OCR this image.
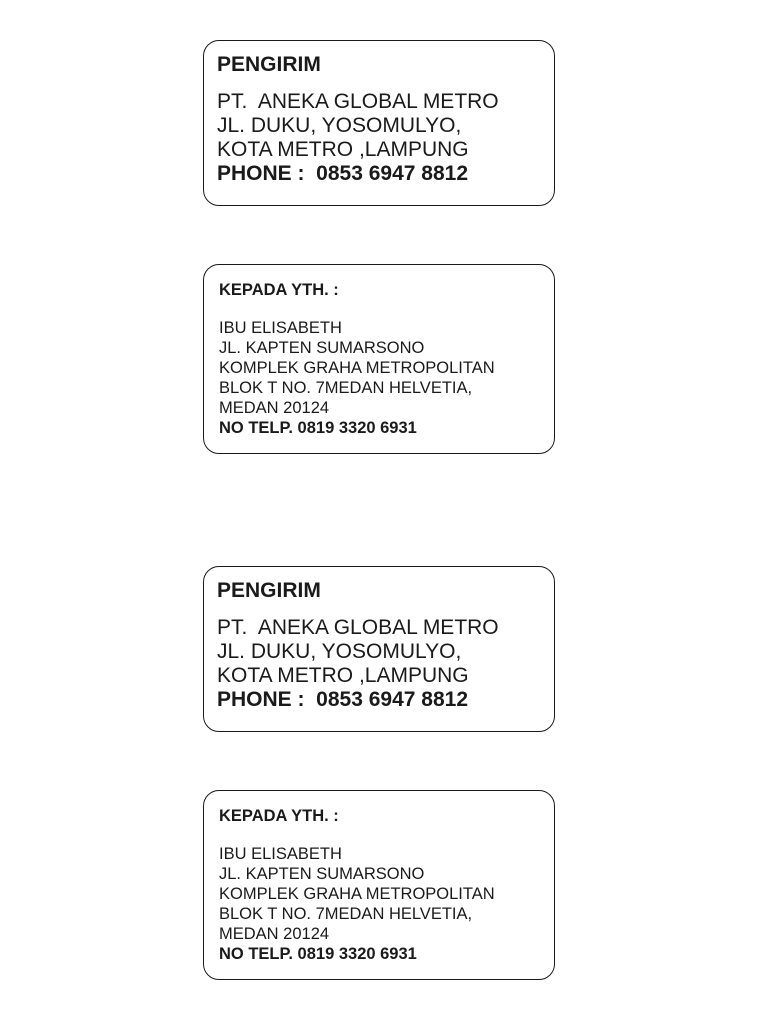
PENGIRIM
PT.  ANEKA GLOBAL METRO
JL. DUKU, YOSOMULYO,
KOTA METRO ,LAMPUNG
PHONE :  0853 6947 8812
KEPADA YTH. :
IBU ELISABETH
JL. KAPTEN SUMARSONO
KOMPLEK GRAHA METROPOLITAN
BLOK T NO. 7MEDAN HELVETIA,
MEDAN 20124
NO TELP. 0819 3320 6931
PENGIRIM
PT.  ANEKA GLOBAL METRO
JL. DUKU, YOSOMULYO,
KOTA METRO ,LAMPUNG
PHONE :  0853 6947 8812
KEPADA YTH. :
IBU ELISABETH
JL. KAPTEN SUMARSONO
KOMPLEK GRAHA METROPOLITAN
BLOK T NO. 7MEDAN HELVETIA,
MEDAN 20124
NO TELP. 0819 3320 6931
